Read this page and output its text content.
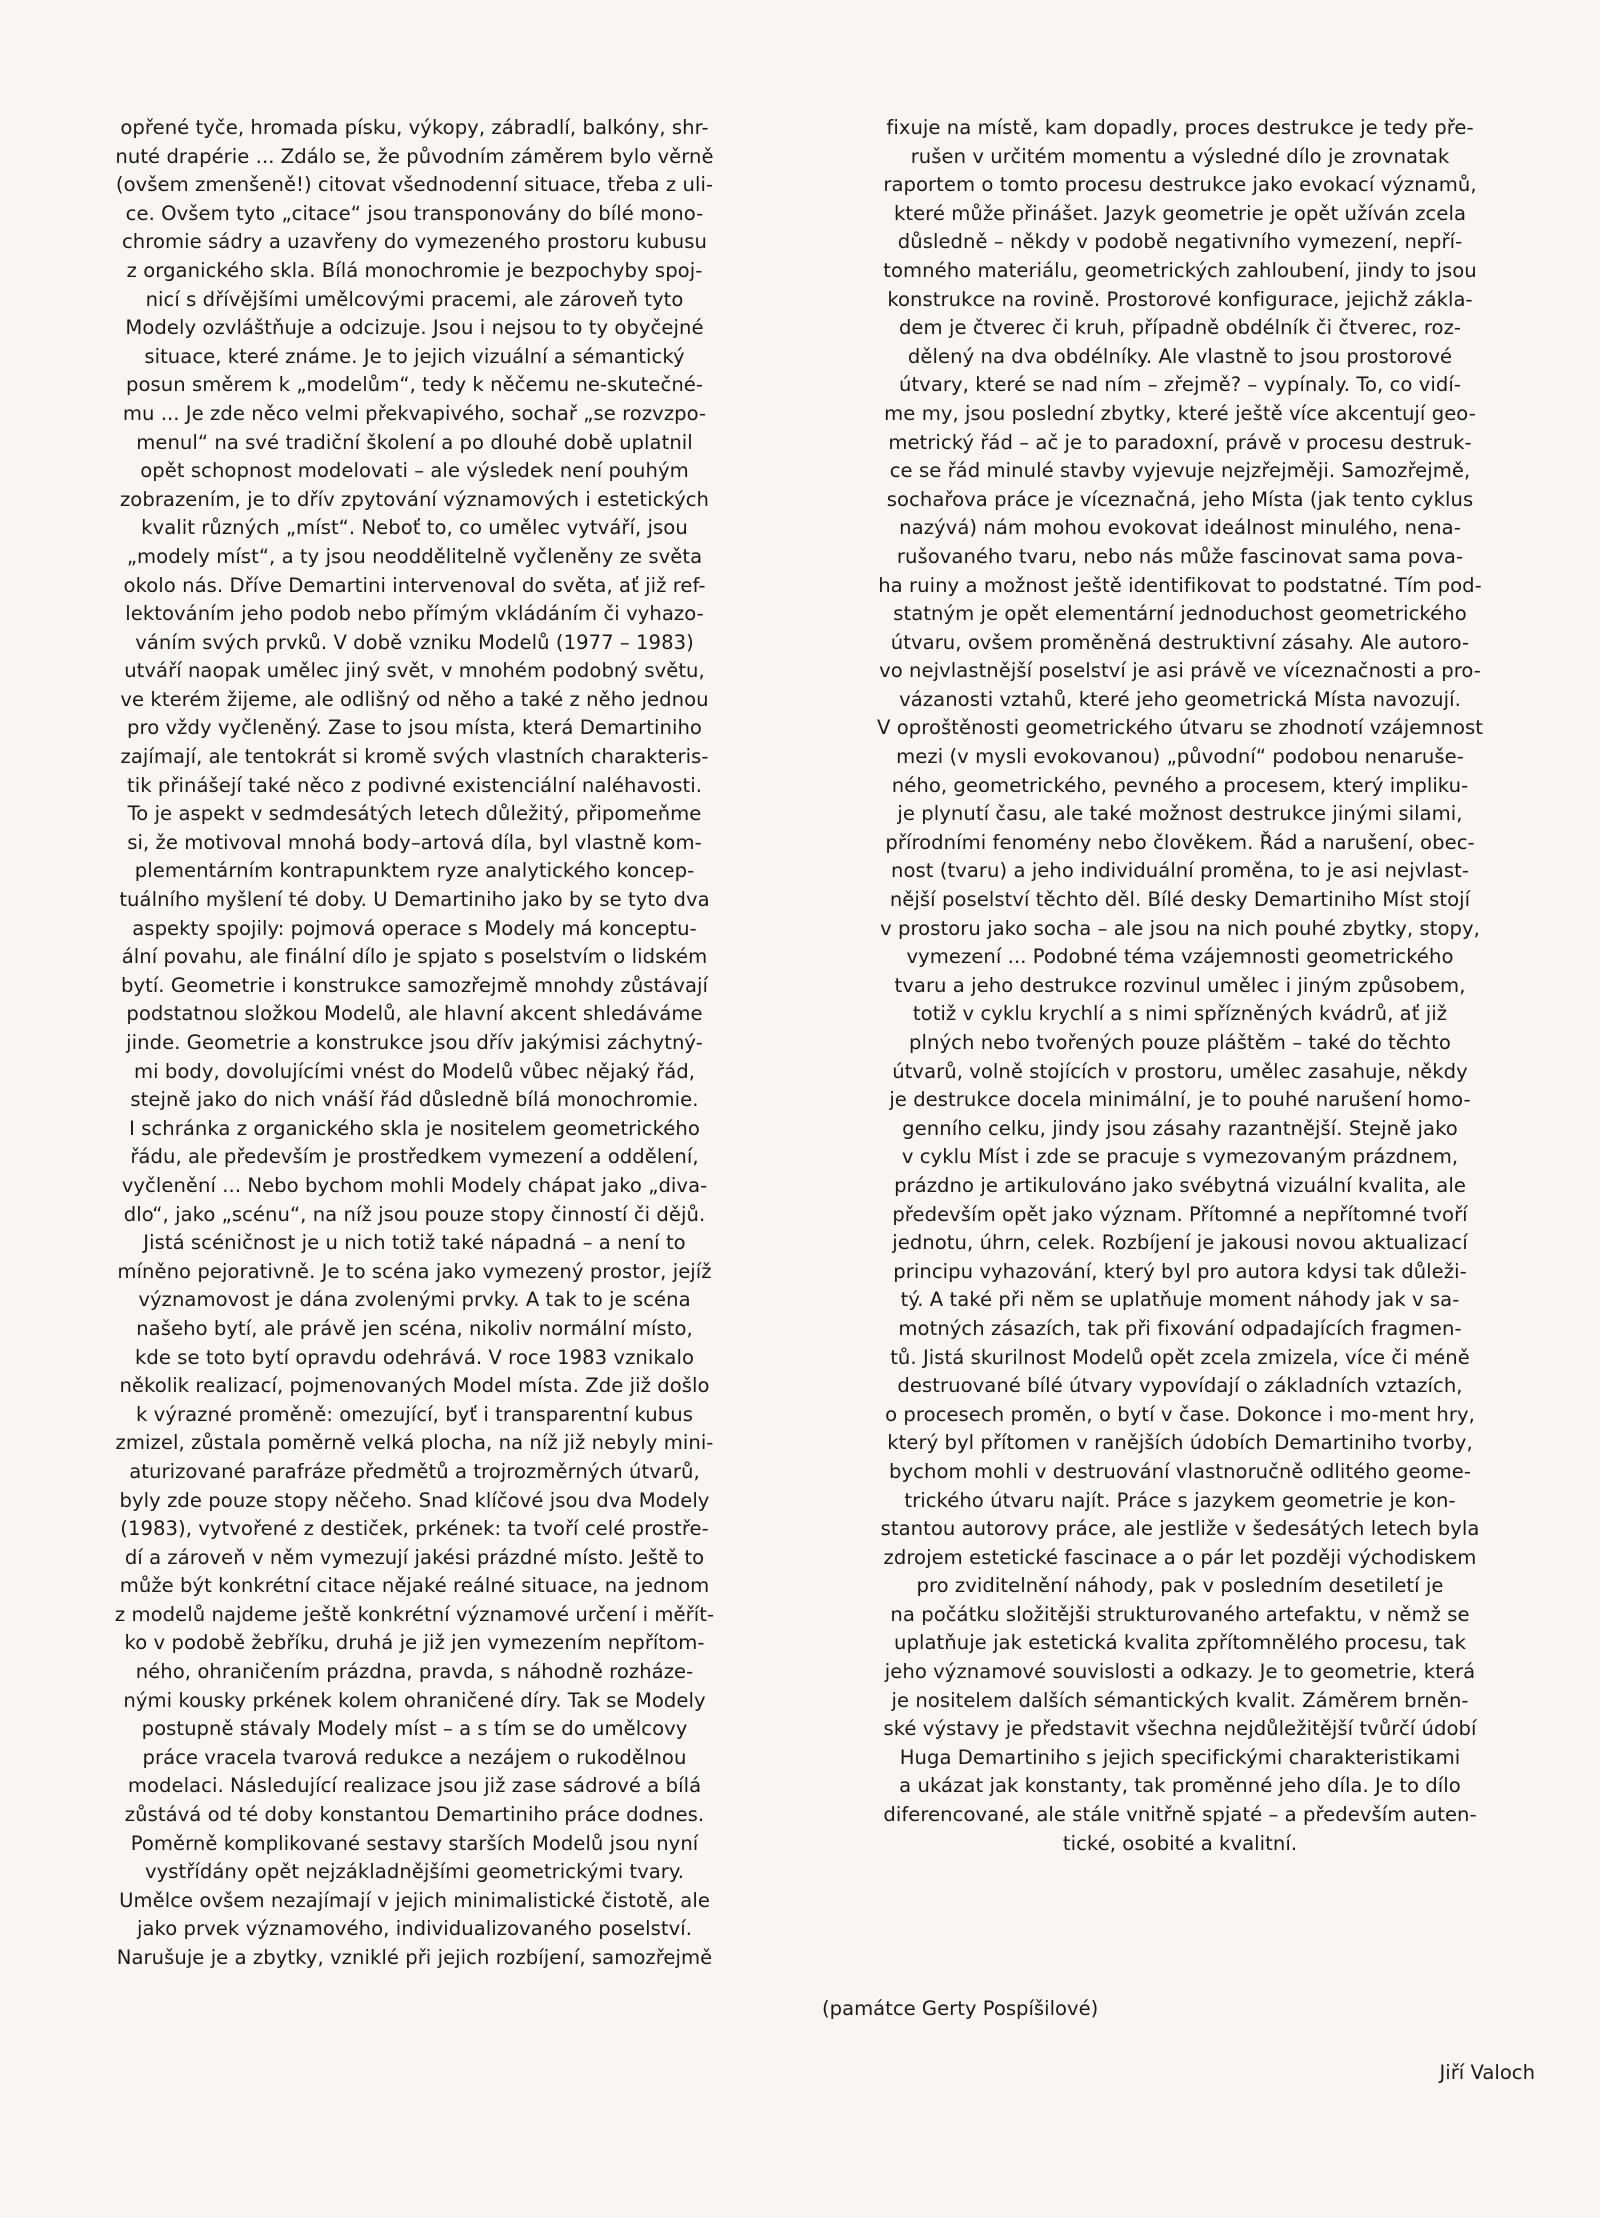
opřené tyče, hromada písku, výkopy, zábradlí, balkóny, shr-
nuté drapérie ... Zdálo se, že původním záměrem bylo věrně
(ovšem zmenšeně!) citovat všednodenní situace, třeba z uli-
ce. Ovšem tyto „citace“ jsou transponovány do bílé mono-
chromie sádry a uzavřeny do vymezeného prostoru kubusu
z organického skla. Bílá monochromie je bezpochyby spoj-
nicí s dřívějšími umělcovými pracemi, ale zároveň tyto
Modely ozvláštňuje a odcizuje. Jsou i nejsou to ty obyčejné
situace, které známe. Je to jejich vizuální a sémantický
posun směrem k „modelům“, tedy k něčemu ne-skutečné-
mu ... Je zde něco velmi překvapivého, sochař „se rozvzpo-
menul“ na své tradiční školení a po dlouhé době uplatnil
opět schopnost modelovati – ale výsledek není pouhým
zobrazením, je to dřív zpytování významových i estetických
kvalit různých „míst“. Neboť to, co umělec vytváří, jsou
„modely míst“, a ty jsou neoddělitelně vyčleněny ze světa
okolo nás. Dříve Demartini intervenoval do světa, ať již ref-
lektováním jeho podob nebo přímým vkládáním či vyhazo-
váním svých prvků. V době vzniku Modelů (1977 – 1983)
utváří naopak umělec jiný svět, v mnohém podobný světu,
ve kterém žijeme, ale odlišný od něho a také z něho jednou
pro vždy vyčleněný. Zase to jsou místa, která Demartiniho
zajímají, ale tentokrát si kromě svých vlastních charakteris-
tik přinášejí také něco z podivné existenciální naléhavosti.
To je aspekt v sedmdesátých letech důležitý, připomeňme
si, že motivoval mnohá body–artová díla, byl vlastně kom-
plementárním kontrapunktem ryze analytického koncep-
tuálního myšlení té doby. U Demartiniho jako by se tyto dva
aspekty spojily: pojmová operace s Modely má konceptu-
ální povahu, ale finální dílo je spjato s poselstvím o lidském
bytí. Geometrie i konstrukce samozřejmě mnohdy zůstávají
podstatnou složkou Modelů, ale hlavní akcent shledáváme
jinde. Geometrie a konstrukce jsou dřív jakýmisi záchytný-
mi body, dovolujícími vnést do Modelů vůbec nějaký řád,
stejně jako do nich vnáší řád důsledně bílá monochromie.
I schránka z organického skla je nositelem geometrického
řádu, ale především je prostředkem vymezení a oddělení,
vyčlenění ... Nebo bychom mohli Modely chápat jako „diva-
dlo“, jako „scénu“, na níž jsou pouze stopy činností či dějů.
Jistá scéničnost je u nich totiž také nápadná – a není to
míněno pejorativně. Je to scéna jako vymezený prostor, jejíž
významovost je dána zvolenými prvky. A tak to je scéna
našeho bytí, ale právě jen scéna, nikoliv normální místo,
kde se toto bytí opravdu odehrává. V roce 1983 vznikalo
několik realizací, pojmenovaných Model místa. Zde již došlo
k výrazné proměně: omezující, byť i transparentní kubus
zmizel, zůstala poměrně velká plocha, na níž již nebyly mini-
aturizované parafráze předmětů a trojrozměrných útvarů,
byly zde pouze stopy něčeho. Snad klíčové jsou dva Modely
(1983), vytvořené z destiček, prkének: ta tvoří celé prostře-
dí a zároveň v něm vymezují jakési prázdné místo. Ještě to
může být konkrétní citace nějaké reálné situace, na jednom
z modelů najdeme ještě konkrétní významové určení i měřít-
ko v podobě žebříku, druhá je již jen vymezením nepřítom-
ného, ohraničením prázdna, pravda, s náhodně rozháze-
nými kousky prkének kolem ohraničené díry. Tak se Modely
postupně stávaly Modely míst – a s tím se do umělcovy
práce vracela tvarová redukce a nezájem o rukodělnou
modelaci. Následující realizace jsou již zase sádrové a bílá
zůstává od té doby konstantou Demartiniho práce dodnes.
Poměrně komplikované sestavy starších Modelů jsou nyní
vystřídány opět nejzákladnějšími geometrickými tvary.
Umělce ovšem nezajímají v jejich minimalistické čistotě, ale
jako prvek významového, individualizovaného poselství.
Narušuje je a zbytky, vzniklé při jejich rozbíjení, samozřejmě
fixuje na místě, kam dopadly, proces destrukce je tedy pře-
rušen v určitém momentu a výsledné dílo je zrovnatak
raportem o tomto procesu destrukce jako evokací významů,
které může přinášet. Jazyk geometrie je opět užíván zcela
důsledně – někdy v podobě negativního vymezení, nepří-
tomného materiálu, geometrických zahloubení, jindy to jsou
konstrukce na rovině. Prostorové konfigurace, jejichž zákla-
dem je čtverec či kruh, případně obdélník či čtverec, roz-
dělený na dva obdélníky. Ale vlastně to jsou prostorové
útvary, které se nad ním – zřejmě? – vypínaly. To, co vidí-
me my, jsou poslední zbytky, které ještě více akcentují geo-
metrický řád – ač je to paradoxní, právě v procesu destruk-
ce se řád minulé stavby vyjevuje nejzřejměji. Samozřejmě,
sochařova práce je víceznačná, jeho Místa (jak tento cyklus
nazývá) nám mohou evokovat ideálnost minulého, nena-
rušovaného tvaru, nebo nás může fascinovat sama pova-
ha ruiny a možnost ještě identifikovat to podstatné. Tím pod-
statným je opět elementární jednoduchost geometrického
útvaru, ovšem proměněná destruktivní zásahy. Ale autoro-
vo nejvlastnější poselství je asi právě ve víceznačnosti a pro-
vázanosti vztahů, které jeho geometrická Místa navozují.
V oproštěnosti geometrického útvaru se zhodnotí vzájemnost
mezi (v mysli evokovanou) „původní“ podobou nenaruše-
ného, geometrického, pevného a procesem, který impliku-
je plynutí času, ale také možnost destrukce jinými silami,
přírodními fenomény nebo člověkem. Řád a narušení, obec-
nost (tvaru) a jeho individuální proměna, to je asi nejvlast-
nější poselství těchto děl. Bílé desky Demartiniho Míst stojí
v prostoru jako socha – ale jsou na nich pouhé zbytky, stopy,
vymezení ... Podobné téma vzájemnosti geometrického
tvaru a jeho destrukce rozvinul umělec i jiným způsobem,
totiž v cyklu krychlí a s nimi spřízněných kvádrů, ať již
plných nebo tvořených pouze pláštěm – také do těchto
útvarů, volně stojících v prostoru, umělec zasahuje, někdy
je destrukce docela minimální, je to pouhé narušení homo-
genního celku, jindy jsou zásahy razantnější. Stejně jako
v cyklu Míst i zde se pracuje s vymezovaným prázdnem,
prázdno je artikulováno jako svébytná vizuální kvalita, ale
především opět jako význam. Přítomné a nepřítomné tvoří
jednotu, úhrn, celek. Rozbíjení je jakousi novou aktualizací
principu vyhazování, který byl pro autora kdysi tak důleži-
tý. A také při něm se uplatňuje moment náhody jak v sa-
motných zásazích, tak při fixování odpadajících fragmen-
tů. Jistá skurilnost Modelů opět zcela zmizela, více či méně
destruované bílé útvary vypovídají o základních vztazích,
o procesech proměn, o bytí v čase. Dokonce i mo-ment hry,
který byl přítomen v ranějších údobích Demartiniho tvorby,
bychom mohli v destruování vlastnoručně odlitého geome-
trického útvaru najít. Práce s jazykem geometrie je kon-
stantou autorovy práce, ale jestliže v šedesátých letech byla
zdrojem estetické fascinace a o pár let později východiskem
pro zviditelnění náhody, pak v posledním desetiletí je
na počátku složitějši strukturovaného artefaktu, v němž se
uplatňuje jak estetická kvalita zpřítomnělého procesu, tak
jeho významové souvislosti a odkazy. Je to geometrie, která
je nositelem dalších sémantických kvalit. Záměrem brněn-
ské výstavy je představit všechna nejdůležitější tvůrčí údobí
Huga Demartiniho s jejich specifickými charakteristikami
a ukázat jak konstanty, tak proměnné jeho díla. Je to dílo
diferencované, ale stále vnitřně spjaté – a především auten-
tické, osobité a kvalitní.
(památce Gerty Pospíšilové)
Jiří Valoch
